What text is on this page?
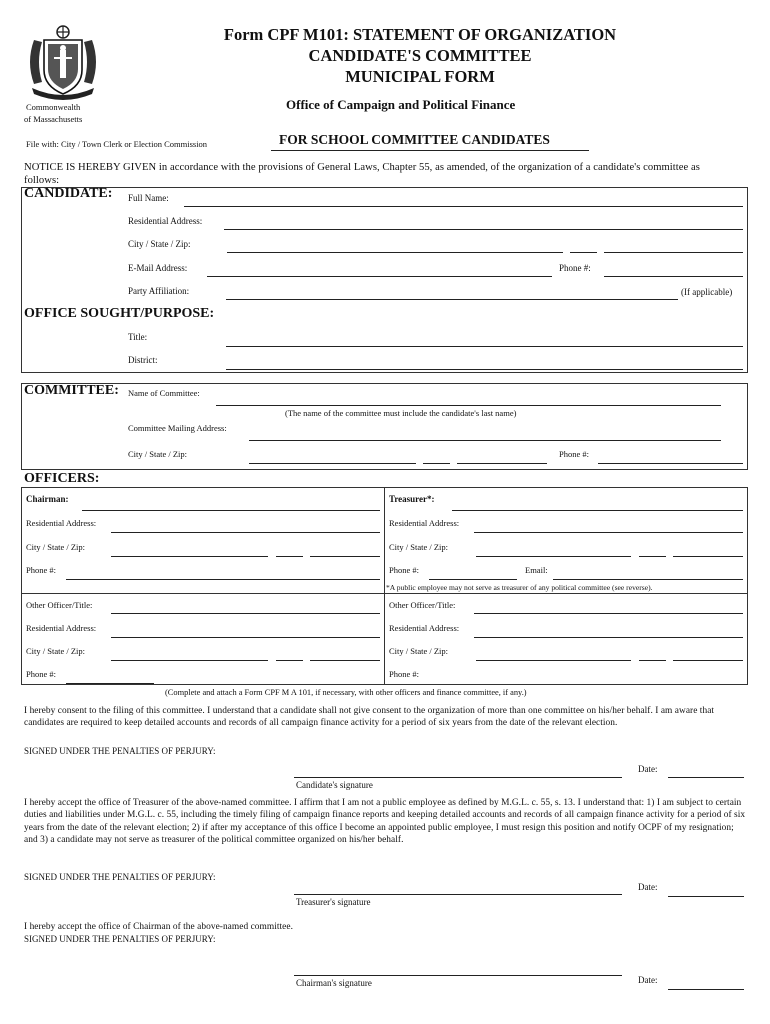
Commonwealth
of Massachusetts
Form CPF M101: STATEMENT OF ORGANIZATION
CANDIDATE'S COMMITTEE
MUNICIPAL FORM
Office of Campaign and Political Finance
File with: City / Town Clerk or Election Commission	FOR SCHOOL COMMITTEE CANDIDATES
NOTICE IS HEREBY GIVEN in accordance with the provisions of General Laws, Chapter 55, as amended, of the organization of a candidate's committee as follows:
CANDIDATE: Full Name:
Residential Address:
City / State / Zip:
E-Mail Address:	Phone #:
Party Affiliation:	(If applicable)
OFFICE SOUGHT/PURPOSE:
Title:
District:
COMMITTEE: Name of Committee:
(The name of the committee must include the candidate's last name)
Committee Mailing Address:
City / State / Zip:	Phone #:
OFFICERS:
Chairman:
Residential Address:
City / State / Zip:
Phone #:
Treasurer*:
Residential Address:
City / State / Zip:
Phone #:	Email:
*A public employee may not serve as treasurer of any political committee (see reverse).
Other Officer/Title:
Residential Address:
City / State / Zip:
Phone #:
Other Officer/Title:
Residential Address:
City / State / Zip:
Phone #:
(Complete and attach a Form CPF M A 101, if necessary, with other officers and finance committee, if any.)
I hereby consent to the filing of this committee. I understand that a candidate shall not give consent to the organization of more than one committee on his/her behalf. I am aware that candidates are required to keep detailed accounts and records of all campaign finance activity for a period of six years from the date of the relevant election.
SIGNED UNDER THE PENALTIES OF PERJURY:
Date:
Candidate's signature
I hereby accept the office of Treasurer of the above-named committee. I affirm that I am not a public employee as defined by M.G.L. c. 55, s. 13. I understand that: 1) I am subject to certain duties and liabilities under M.G.L. c. 55, including the timely filing of campaign finance reports and keeping detailed accounts and records of all campaign finance activity for a period of six years from the date of the relevant election; 2) if after my acceptance of this office I become an appointed public employee, I must resign this position and notify OCPF of my resignation; and 3) a candidate may not serve as treasurer of the political committee organized on his/her behalf.
SIGNED UNDER THE PENALTIES OF PERJURY:
Date:
Treasurer's signature
I hereby accept the office of Chairman of the above-named committee.
SIGNED UNDER THE PENALTIES OF PERJURY:
Date:
Chairman's signature
